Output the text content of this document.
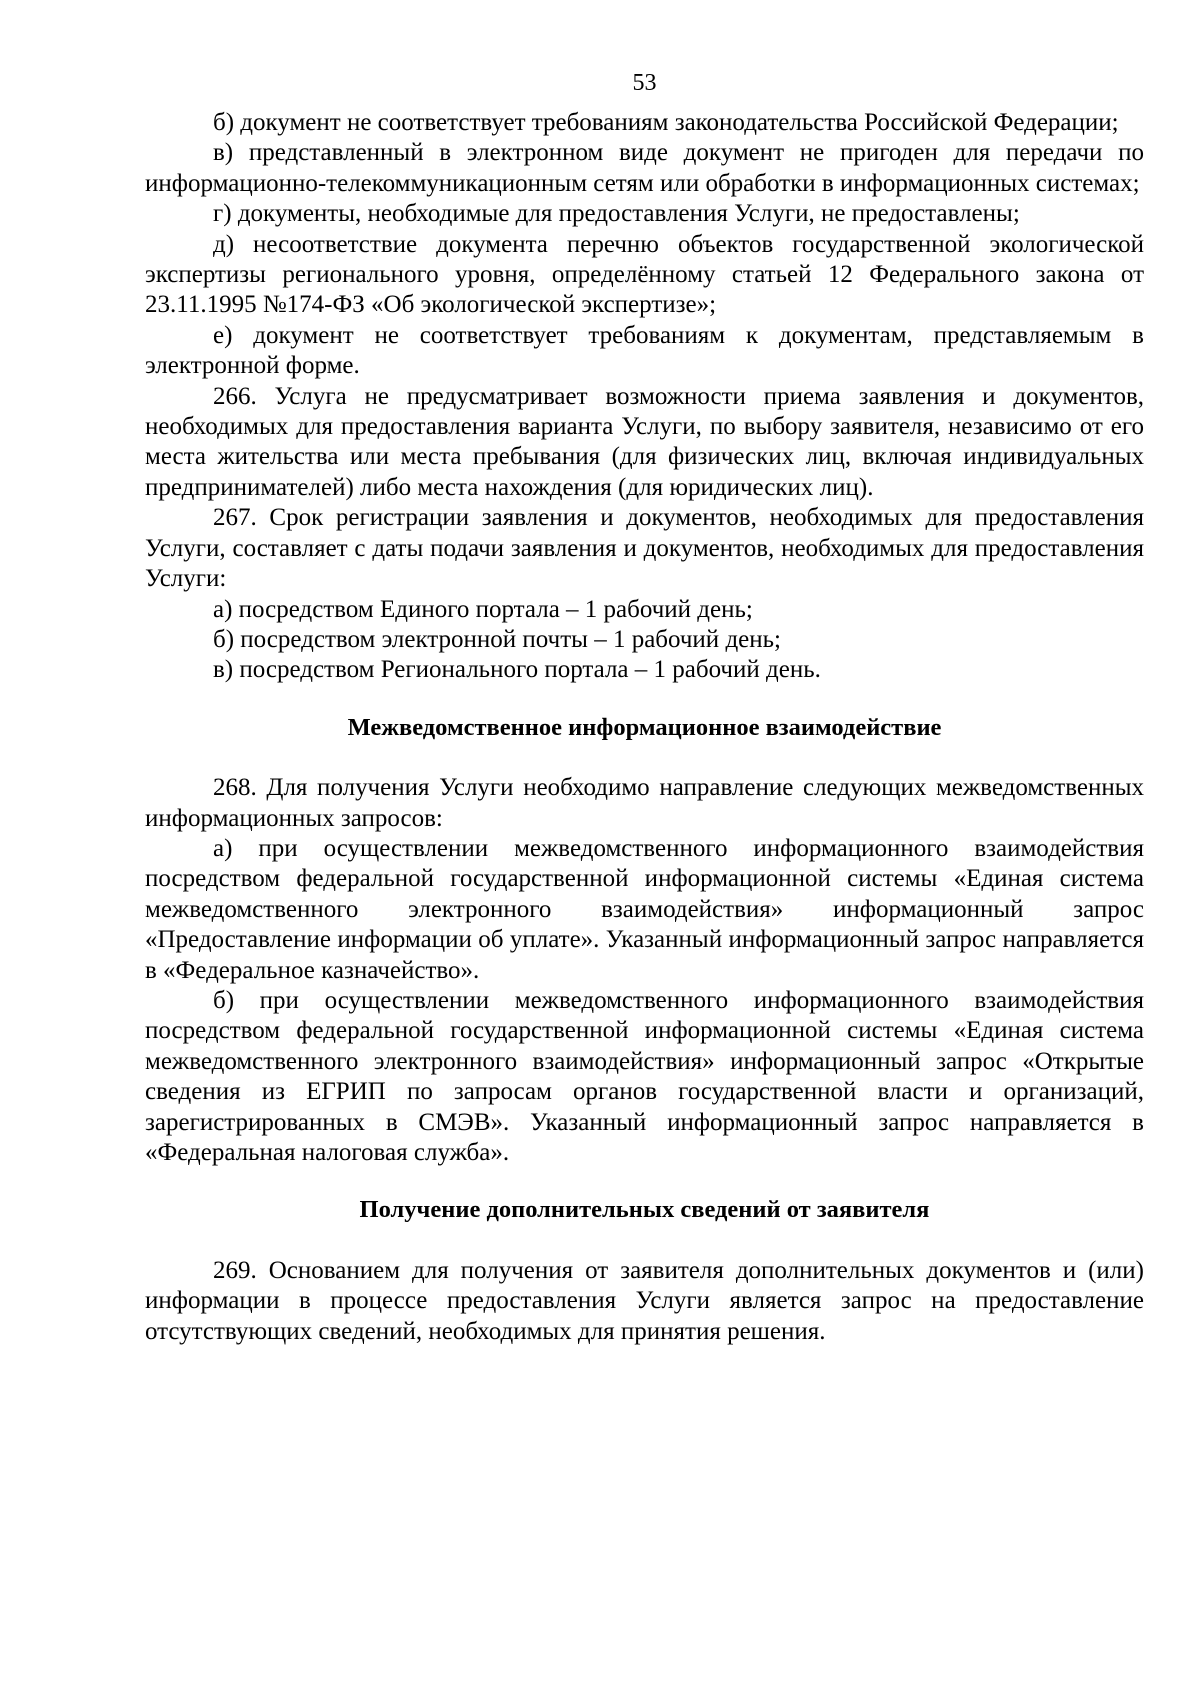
53

б) документ не соответствует требованиям законодательства Российской Федерации;

в) представленный в электронном виде документ не пригоден для передачи по информационно-телекоммуникационным сетям или обработки в информационных системах;

г) документы, необходимые для предоставления Услуги, не предоставлены;

д) несоответствие документа перечню объектов государственной экологической экспертизы регионального уровня, определённому статьей 12 Федерального закона от 23.11.1995 №174-ФЗ «Об экологической экспертизе»;

е) документ не соответствует требованиям к документам, представляемым в электронной форме.

266. Услуга не предусматривает возможности приема заявления и документов, необходимых для предоставления варианта Услуги, по выбору заявителя, независимо от его места жительства или места пребывания (для физических лиц, включая индивидуальных предпринимателей) либо места нахождения (для юридических лиц).

267. Срок регистрации заявления и документов, необходимых для предоставления Услуги, составляет с даты подачи заявления и документов, необходимых для предоставления Услуги:

а) посредством Единого портала – 1 рабочий день;

б) посредством электронной почты – 1 рабочий день;

в) посредством Регионального портала – 1 рабочий день.

Межведомственное информационное взаимодействие

268. Для получения Услуги необходимо направление следующих межведомственных информационных запросов:

а) при осуществлении межведомственного информационного взаимодействия посредством федеральной государственной информационной системы «Единая система межведомственного электронного взаимодействия» информационный запрос «Предоставление информации об уплате». Указанный информационный запрос направляется в «Федеральное казначейство».

б) при осуществлении межведомственного информационного взаимодействия посредством федеральной государственной информационной системы «Единая система межведомственного электронного взаимодействия» информационный запрос «Открытые сведения из ЕГРИП по запросам органов государственной власти и организаций, зарегистрированных в СМЭВ». Указанный информационный запрос направляется в «Федеральная налоговая служба».

Получение дополнительных сведений от заявителя

269. Основанием для получения от заявителя дополнительных документов и (или) информации в процессе предоставления Услуги является запрос на предоставление отсутствующих сведений, необходимых для принятия решения.
